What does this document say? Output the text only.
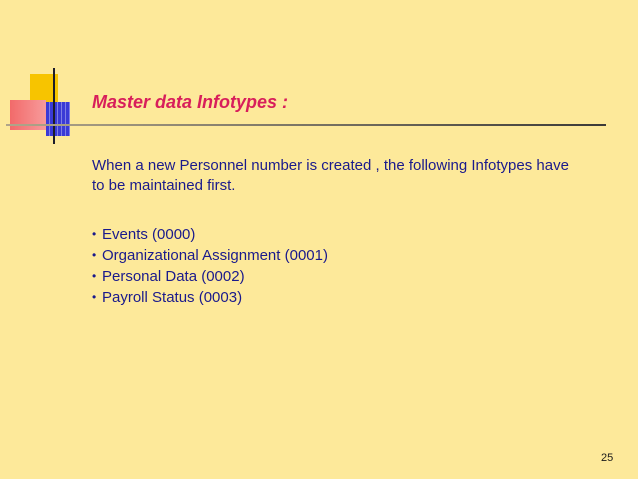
Master data Infotypes :

When a new Personnel number is created , the following Infotypes have to be maintained first.

• Events (0000)
• Organizational Assignment (0001)
• Personal Data (0002)
• Payroll Status (0003)
25
